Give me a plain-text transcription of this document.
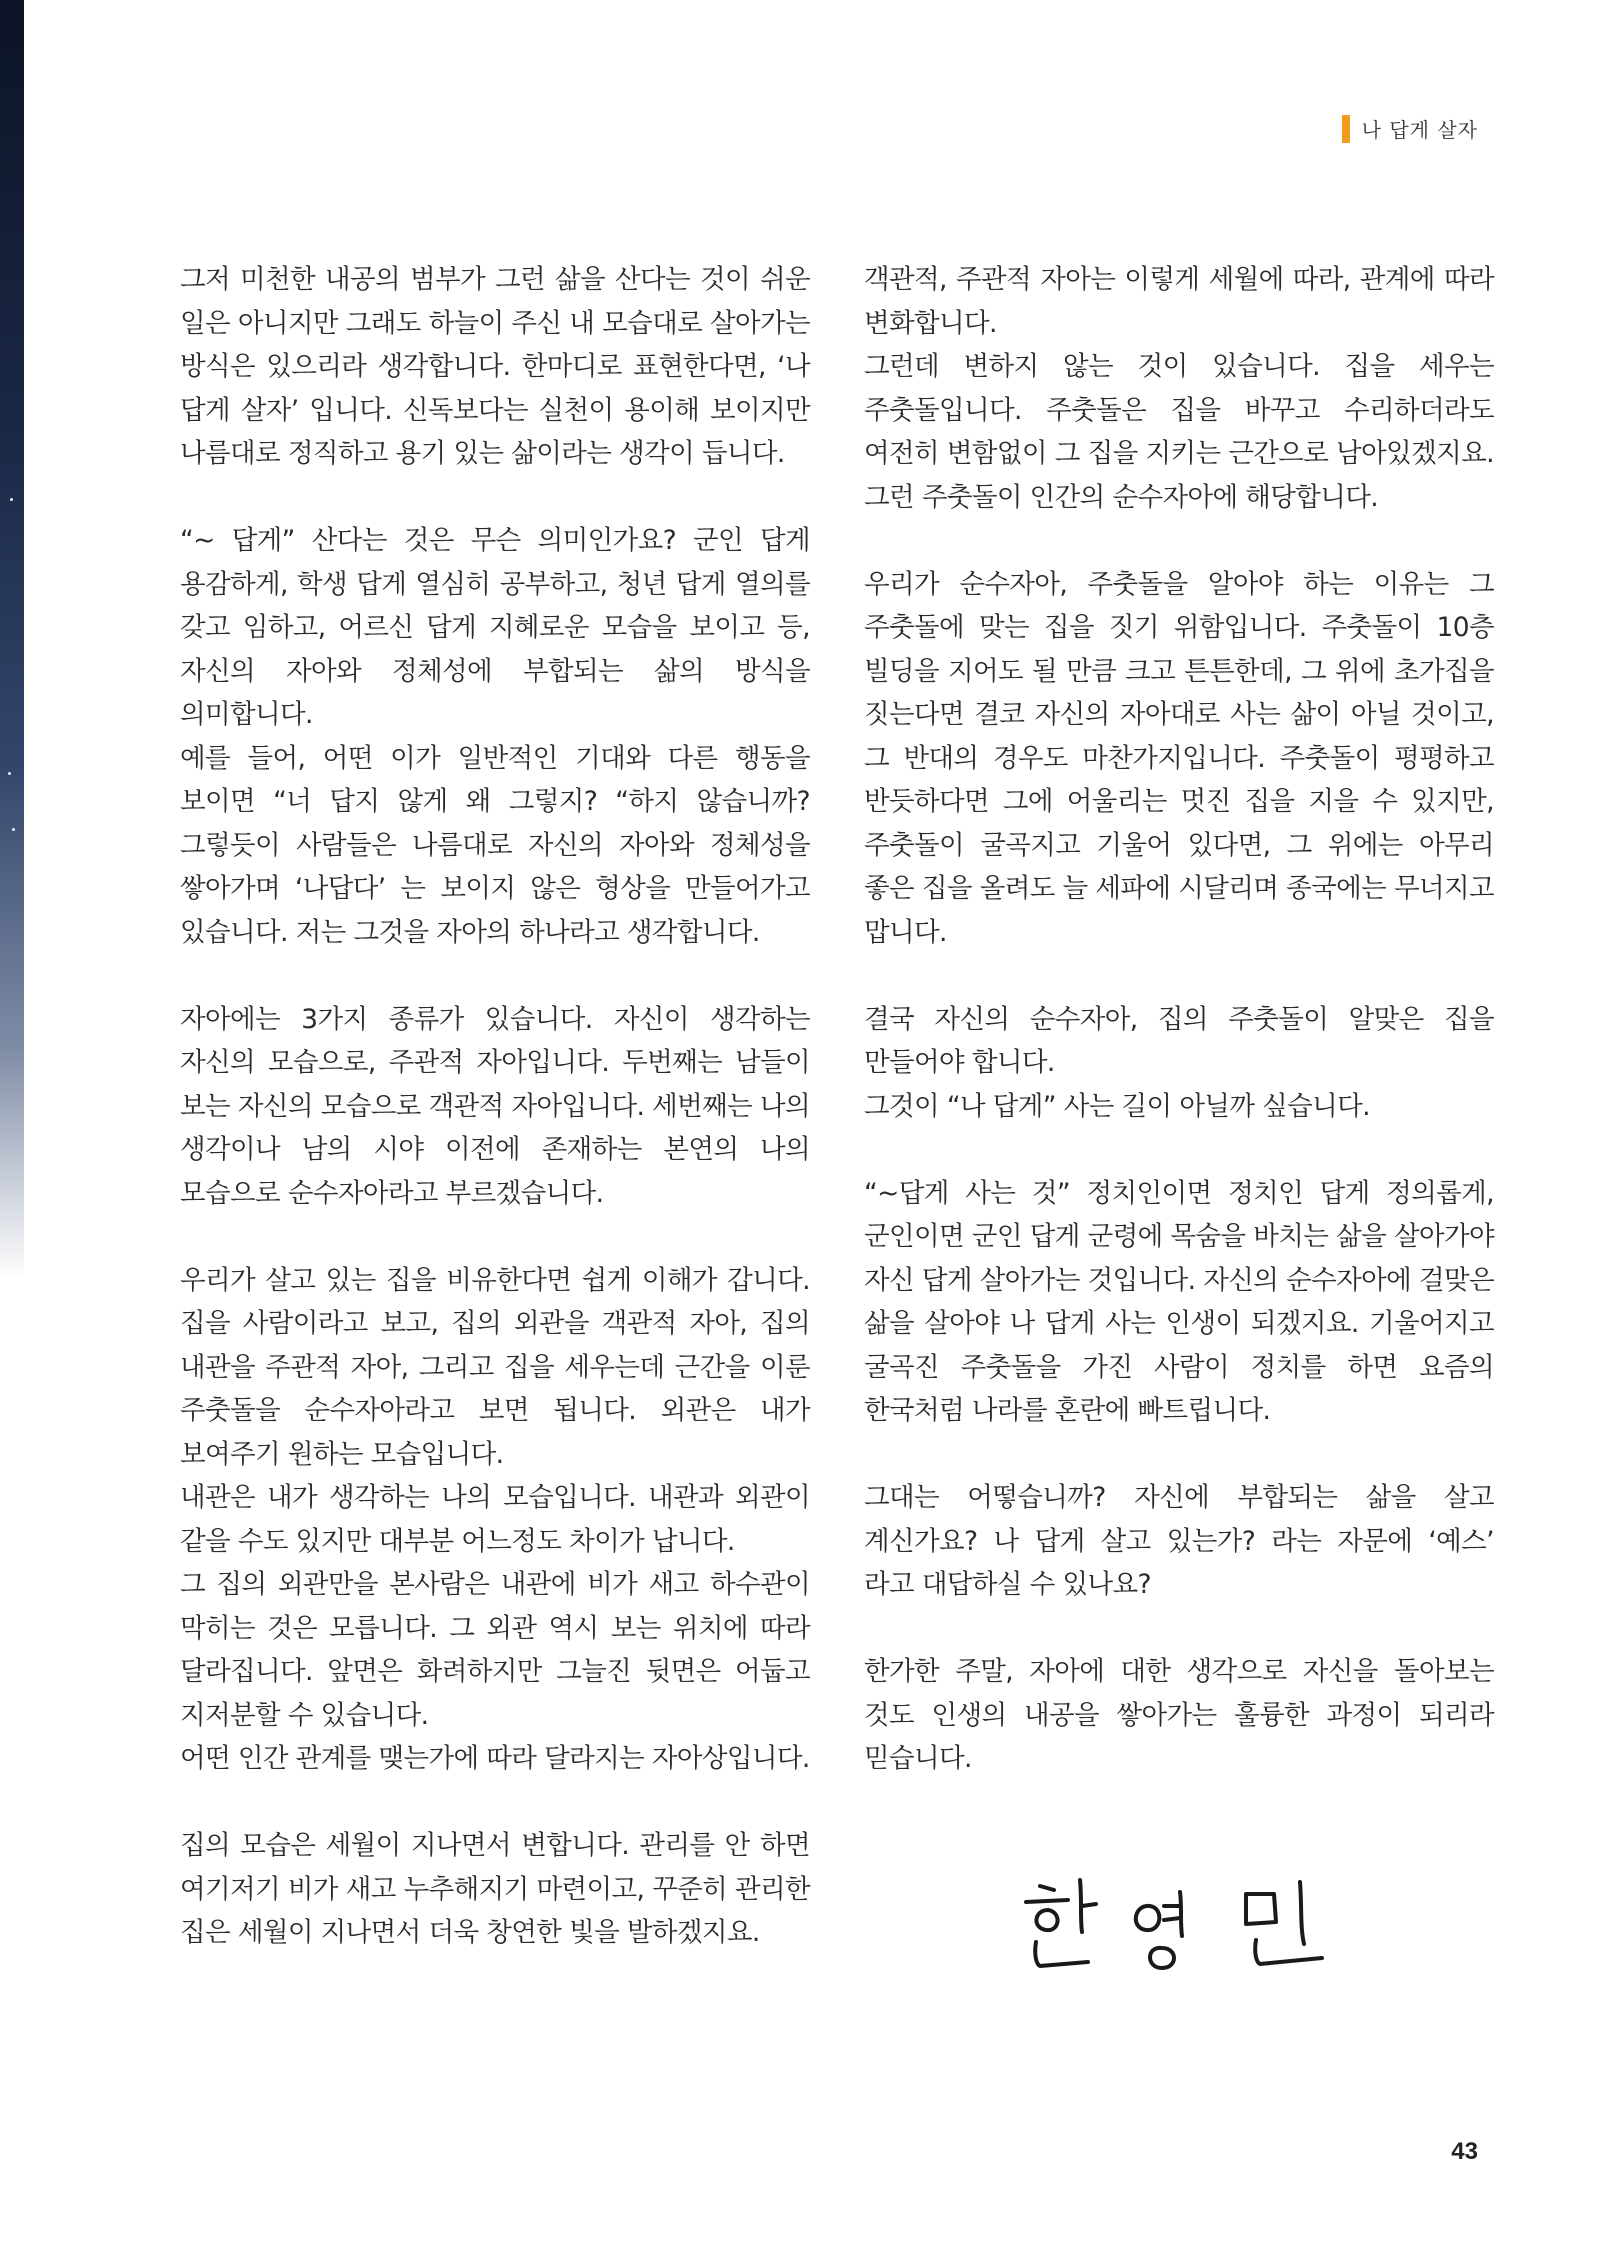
나 답게 살자

그저 미천한 내공의 범부가 그런 삶을 산다는 것이 쉬운 일은 아니지만 그래도 하늘이 주신 내 모습대로 살아가는 방식은 있으리라 생각합니다. 한마디로 표현한다면, ‘나 답게 살자’ 입니다. 신독보다는 실천이 용이해 보이지만 나름대로 정직하고 용기 있는 삶이라는 생각이 듭니다.

“~ 답게” 산다는 것은 무슨 의미인가요? 군인 답게 용감하게, 학생 답게 열심히 공부하고, 청년 답게 열의를 갖고 임하고, 어르신 답게 지혜로운 모습을 보이고 등, 자신의 자아와 정체성에 부합되는 삶의 방식을 의미합니다.

예를 들어, 어떤 이가 일반적인 기대와 다른 행동을 보이면 “너 답지 않게 왜 그렇지? “하지 않습니까? 그렇듯이 사람들은 나름대로 자신의 자아와 정체성을 쌓아가며 ‘나답다’ 는 보이지 않은 형상을 만들어가고 있습니다. 저는 그것을 자아의 하나라고 생각합니다.

자아에는 3가지 종류가 있습니다. 자신이 생각하는 자신의 모습으로, 주관적 자아입니다. 두번째는 남들이 보는 자신의 모습으로 객관적 자아입니다. 세번째는 나의 생각이나 남의 시야 이전에 존재하는 본연의 나의 모습으로 순수자아라고 부르겠습니다.

우리가 살고 있는 집을 비유한다면 쉽게 이해가 갑니다. 집을 사람이라고 보고, 집의 외관을 객관적 자아, 집의 내관을 주관적 자아, 그리고 집을 세우는데 근간을 이룬 주춧돌을 순수자아라고 보면 됩니다. 외관은 내가 보여주기 원하는 모습입니다.

내관은 내가 생각하는 나의 모습입니다. 내관과 외관이 같을 수도 있지만 대부분 어느정도 차이가 납니다.

그 집의 외관만을 본사람은 내관에 비가 새고 하수관이 막히는 것은 모릅니다. 그 외관 역시 보는 위치에 따라 달라집니다. 앞면은 화려하지만 그늘진 뒷면은 어둡고 지저분할 수 있습니다.

어떤 인간 관계를 맺는가에 따라 달라지는 자아상입니다.

집의 모습은 세월이 지나면서 변합니다. 관리를 안 하면 여기저기 비가 새고 누추해지기 마련이고, 꾸준히 관리한 집은 세월이 지나면서 더욱 창연한 빛을 발하겠지요.

객관적, 주관적 자아는 이렇게 세월에 따라, 관계에 따라 변화합니다.

그런데 변하지 않는 것이 있습니다. 집을 세우는 주춧돌입니다. 주춧돌은 집을 바꾸고 수리하더라도 여전히 변함없이 그 집을 지키는 근간으로 남아있겠지요. 그런 주춧돌이 인간의 순수자아에 해당합니다.

우리가 순수자아, 주춧돌을 알아야 하는 이유는 그 주춧돌에 맞는 집을 짓기 위함입니다. 주춧돌이 10층 빌딩을 지어도 될 만큼 크고 튼튼한데, 그 위에 초가집을 짓는다면 결코 자신의 자아대로 사는 삶이 아닐 것이고, 그 반대의 경우도 마찬가지입니다. 주춧돌이 평평하고 반듯하다면 그에 어울리는 멋진 집을 지을 수 있지만, 주춧돌이 굴곡지고 기울어 있다면, 그 위에는 아무리 좋은 집을 올려도 늘 세파에 시달리며 종국에는 무너지고 맙니다.

결국 자신의 순수자아, 집의 주춧돌이 알맞은 집을 만들어야 합니다.

그것이 “나 답게” 사는 길이 아닐까 싶습니다.

“~답게 사는 것” 정치인이면 정치인 답게 정의롭게, 군인이면 군인 답게 군령에 목숨을 바치는 삶을 살아가야 자신 답게 살아가는 것입니다. 자신의 순수자아에 걸맞은 삶을 살아야 나 답게 사는 인생이 되겠지요. 기울어지고 굴곡진 주춧돌을 가진 사람이 정치를 하면 요즘의 한국처럼 나라를 혼란에 빠트립니다.

그대는 어떻습니까? 자신에 부합되는 삶을 살고 계신가요? 나 답게 살고 있는가? 라는 자문에 ‘예스’ 라고 대답하실 수 있나요?

한가한 주말, 자아에 대한 생각으로 자신을 돌아보는 것도 인생의 내공을 쌓아가는 훌륭한 과정이 되리라 믿습니다.

43
